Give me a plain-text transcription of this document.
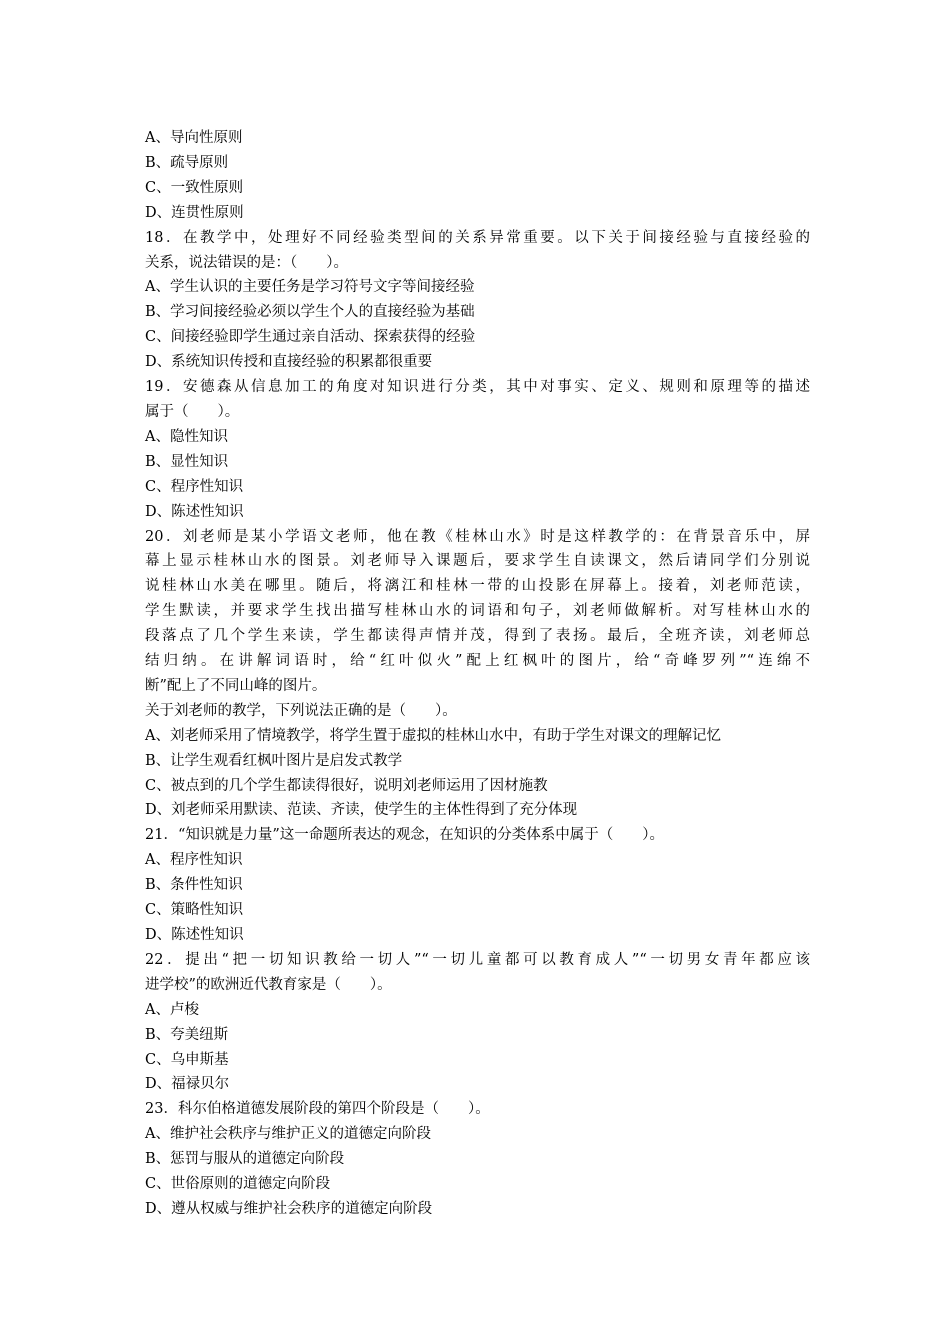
A、导向性原则
B、疏导原则
C、一致性原则
D、连贯性原则
18．在教学中，处理好不同经验类型间的关系异常重要。以下关于间接经验与直接经验的
关系，说法错误的是：（　　）。
A、学生认识的主要任务是学习符号文字等间接经验
B、学习间接经验必须以学生个人的直接经验为基础
C、间接经验即学生通过亲自活动、探索获得的经验
D、系统知识传授和直接经验的积累都很重要
19．安德森从信息加工的角度对知识进行分类，其中对事实、定义、规则和原理等的描述
属于（　　）。
A、隐性知识
B、显性知识
C、程序性知识
D、陈述性知识
20．刘老师是某小学语文老师，他在教《桂林山水》时是这样教学的：在背景音乐中，屏
幕上显示桂林山水的图景。刘老师导入课题后，要求学生自读课文，然后请同学们分别说
说桂林山水美在哪里。随后，将漓江和桂林一带的山投影在屏幕上。接着，刘老师范读，
学生默读，并要求学生找出描写桂林山水的词语和句子，刘老师做解析。对写桂林山水的
段落点了几个学生来读，学生都读得声情并茂，得到了表扬。最后，全班齐读，刘老师总
结归纳。在讲解词语时，给“红叶似火”配上红枫叶的图片，给“奇峰罗列”“连绵不
断”配上了不同山峰的图片。
关于刘老师的教学，下列说法正确的是（　　）。
A、刘老师采用了情境教学，将学生置于虚拟的桂林山水中，有助于学生对课文的理解记忆
B、让学生观看红枫叶图片是启发式教学
C、被点到的几个学生都读得很好，说明刘老师运用了因材施教
D、刘老师采用默读、范读、齐读，使学生的主体性得到了充分体现
21．“知识就是力量”这一命题所表达的观念，在知识的分类体系中属于（　　）。
A、程序性知识
B、条件性知识
C、策略性知识
D、陈述性知识
22．提出“把一切知识教给一切人”“一切儿童都可以教育成人”“一切男女青年都应该
进学校”的欧洲近代教育家是（　　）。
A、卢梭
B、夸美纽斯
C、乌申斯基
D、福禄贝尔
23．科尔伯格道德发展阶段的第四个阶段是（　　）。
A、维护社会秩序与维护正义的道德定向阶段
B、惩罚与服从的道德定向阶段
C、世俗原则的道德定向阶段
D、遵从权威与维护社会秩序的道德定向阶段
